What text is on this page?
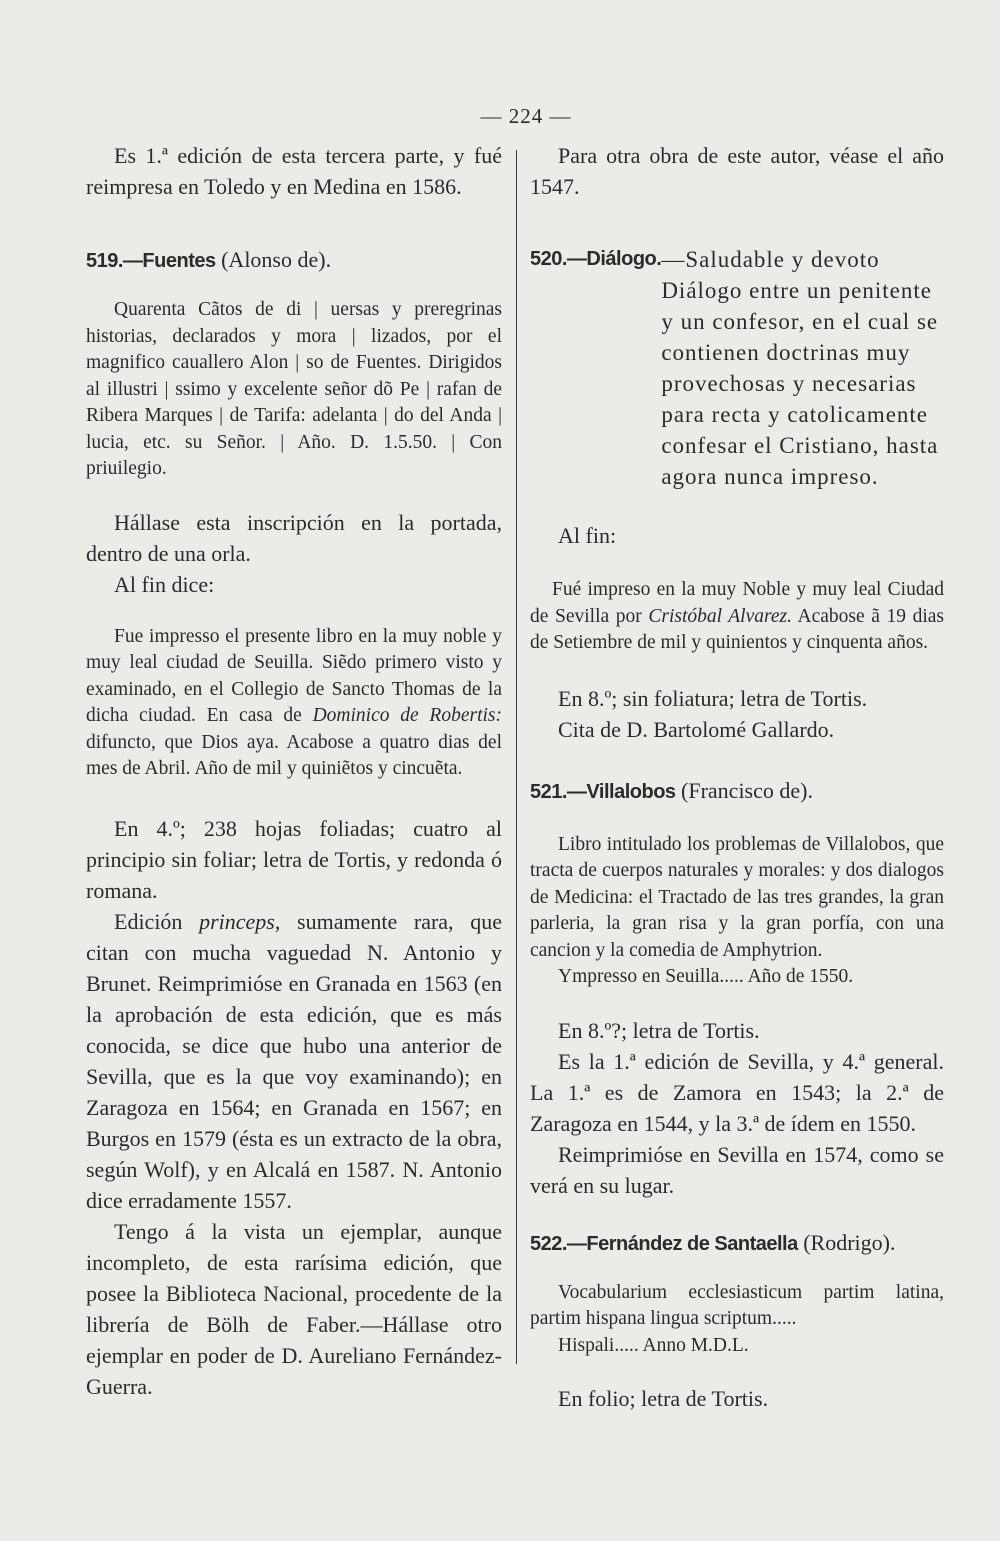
— 224 —

Es 1.ª edición de esta tercera parte, y fué reimpresa en Toledo y en Medina en 1586.

519.—Fuentes (Alonso de).

Quarenta Cãtos de di | uersas y preregrinas historias, declarados y mora | lizados, por el magnifico cauallero Alon | so de Fuentes. Dirigidos al illustri | ssimo y excelente señor dõ Pe | rafan de Ribera Marques | de Tarifa: adelanta | do del Anda | lucia, etc. su Señor. | Año. D. 1.5.50. | Con priuilegio.

Hállase esta inscripción en la portada, dentro de una orla.

Al fin dice:

Fue impresso el presente libro en la muy noble y muy leal ciudad de Seuilla. Siẽdo primero visto y examinado, en el Collegio de Sancto Thomas de la dicha ciudad. En casa de Dominico de Robertis: difuncto, que Dios aya. Acabose a quatro dias del mes de Abril. Año de mil y quiniẽtos y cincuẽta.

En 4.º; 238 hojas foliadas; cuatro al principio sin foliar; letra de Tortis, y redonda ó romana.

Edición princeps, sumamente rara, que citan con mucha vaguedad N. Antonio y Brunet. Reimprimióse en Granada en 1563 (en la aprobación de esta edición, que es más conocida, se dice que hubo una anterior de Sevilla, que es la que voy examinando); en Zaragoza en 1564; en Granada en 1567; en Burgos en 1579 (ésta es un extracto de la obra, según Wolf), y en Alcalá en 1587. N. Antonio dice erradamente 1557.

Tengo á la vista un ejemplar, aunque incompleto, de esta rarísima edición, que posee la Biblioteca Nacional, procedente de la librería de Bölh de Faber.—Hállase otro ejemplar en poder de D. Aureliano Fernández-Guerra.

Para otra obra de este autor, véase el año 1547.

520.—Diálogo. —Saludable y devoto Diálogo entre un penitente y un confesor, en el cual se contienen doctrinas muy provechosas y necesarias para recta y catolicamente confesar el Cristiano, hasta agora nunca impreso.

Al fin:

Fué impreso en la muy Noble y muy leal Ciudad de Sevilla por Cristóbal Alvarez. Acabose ã 19 dias de Setiembre de mil y quinientos y cinquenta años.

En 8.º; sin foliatura; letra de Tortis.

Cita de D. Bartolomé Gallardo.

521.—Villalobos (Francisco de).

Libro intitulado los problemas de Villalobos, que tracta de cuerpos naturales y morales: y dos dialogos de Medicina: el Tractado de las tres grandes, la gran parleria, la gran risa y la gran porfía, con una cancion y la comedia de Amphytrion.

Ympresso en Seuilla..... Año de 1550.

En 8.º?; letra de Tortis.

Es la 1.ª edición de Sevilla, y 4.ª general. La 1.ª es de Zamora en 1543; la 2.ª de Zaragoza en 1544, y la 3.ª de ídem en 1550.

Reimprimióse en Sevilla en 1574, como se verá en su lugar.

522.—Fernández de Santaella (Rodrigo).

Vocabularium ecclesiasticum partim latina, partim hispana lingua scriptum.....

Hispali..... Anno M.D.L.

En folio; letra de Tortis.
